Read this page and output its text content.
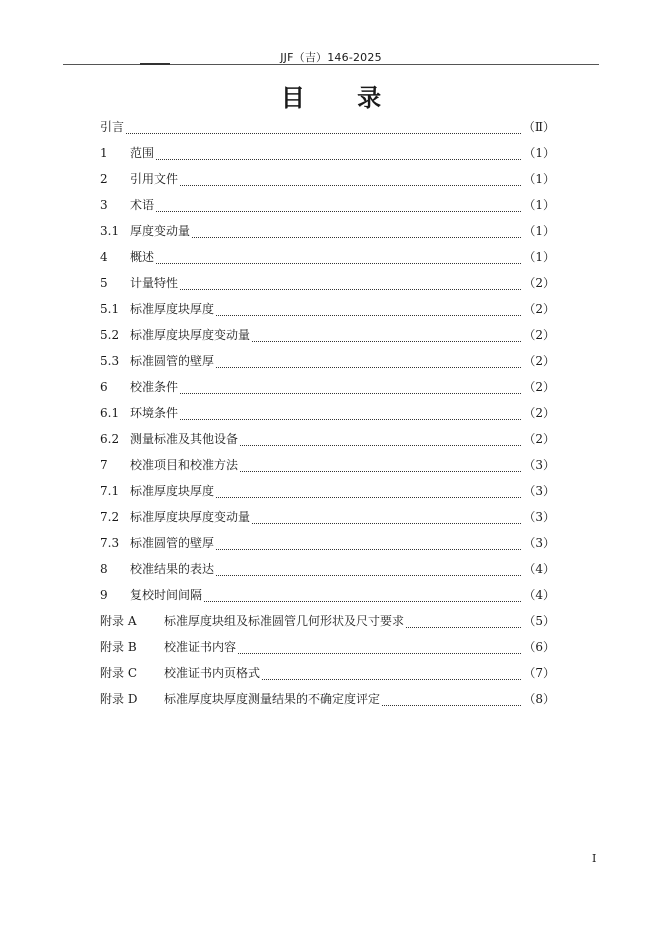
JJF（吉）146-2025
目 录
引言	（Ⅱ）
1	范围	（1）
2	引用文件	（1）
3	术语	（1）
3.1 厚度变动量	（1）
4	概述	（1）
5	计量特性	（2）
5.1 标准厚度块厚度	（2）
5.2 标准厚度块厚度变动量	（2）
5.3 标准圆管的壁厚	（2）
6	校准条件	（2）
6.1 环境条件	（2）
6.2 测量标准及其他设备	（2）
7	校准项目和校准方法	（3）
7.1 标准厚度块厚度	（3）
7.2 标准厚度块厚度变动量	（3）
7.3 标准圆管的壁厚	（3）
8	校准结果的表达	（4）
9	复校时间间隔	（4）
附录 A	标准厚度块组及标准圆管几何形状及尺寸要求	（5）
附录 B	校准证书内容	（6）
附录 C	校准证书内页格式	（7）
附录 D	标准厚度块厚度测量结果的不确定度评定	（8）
I
